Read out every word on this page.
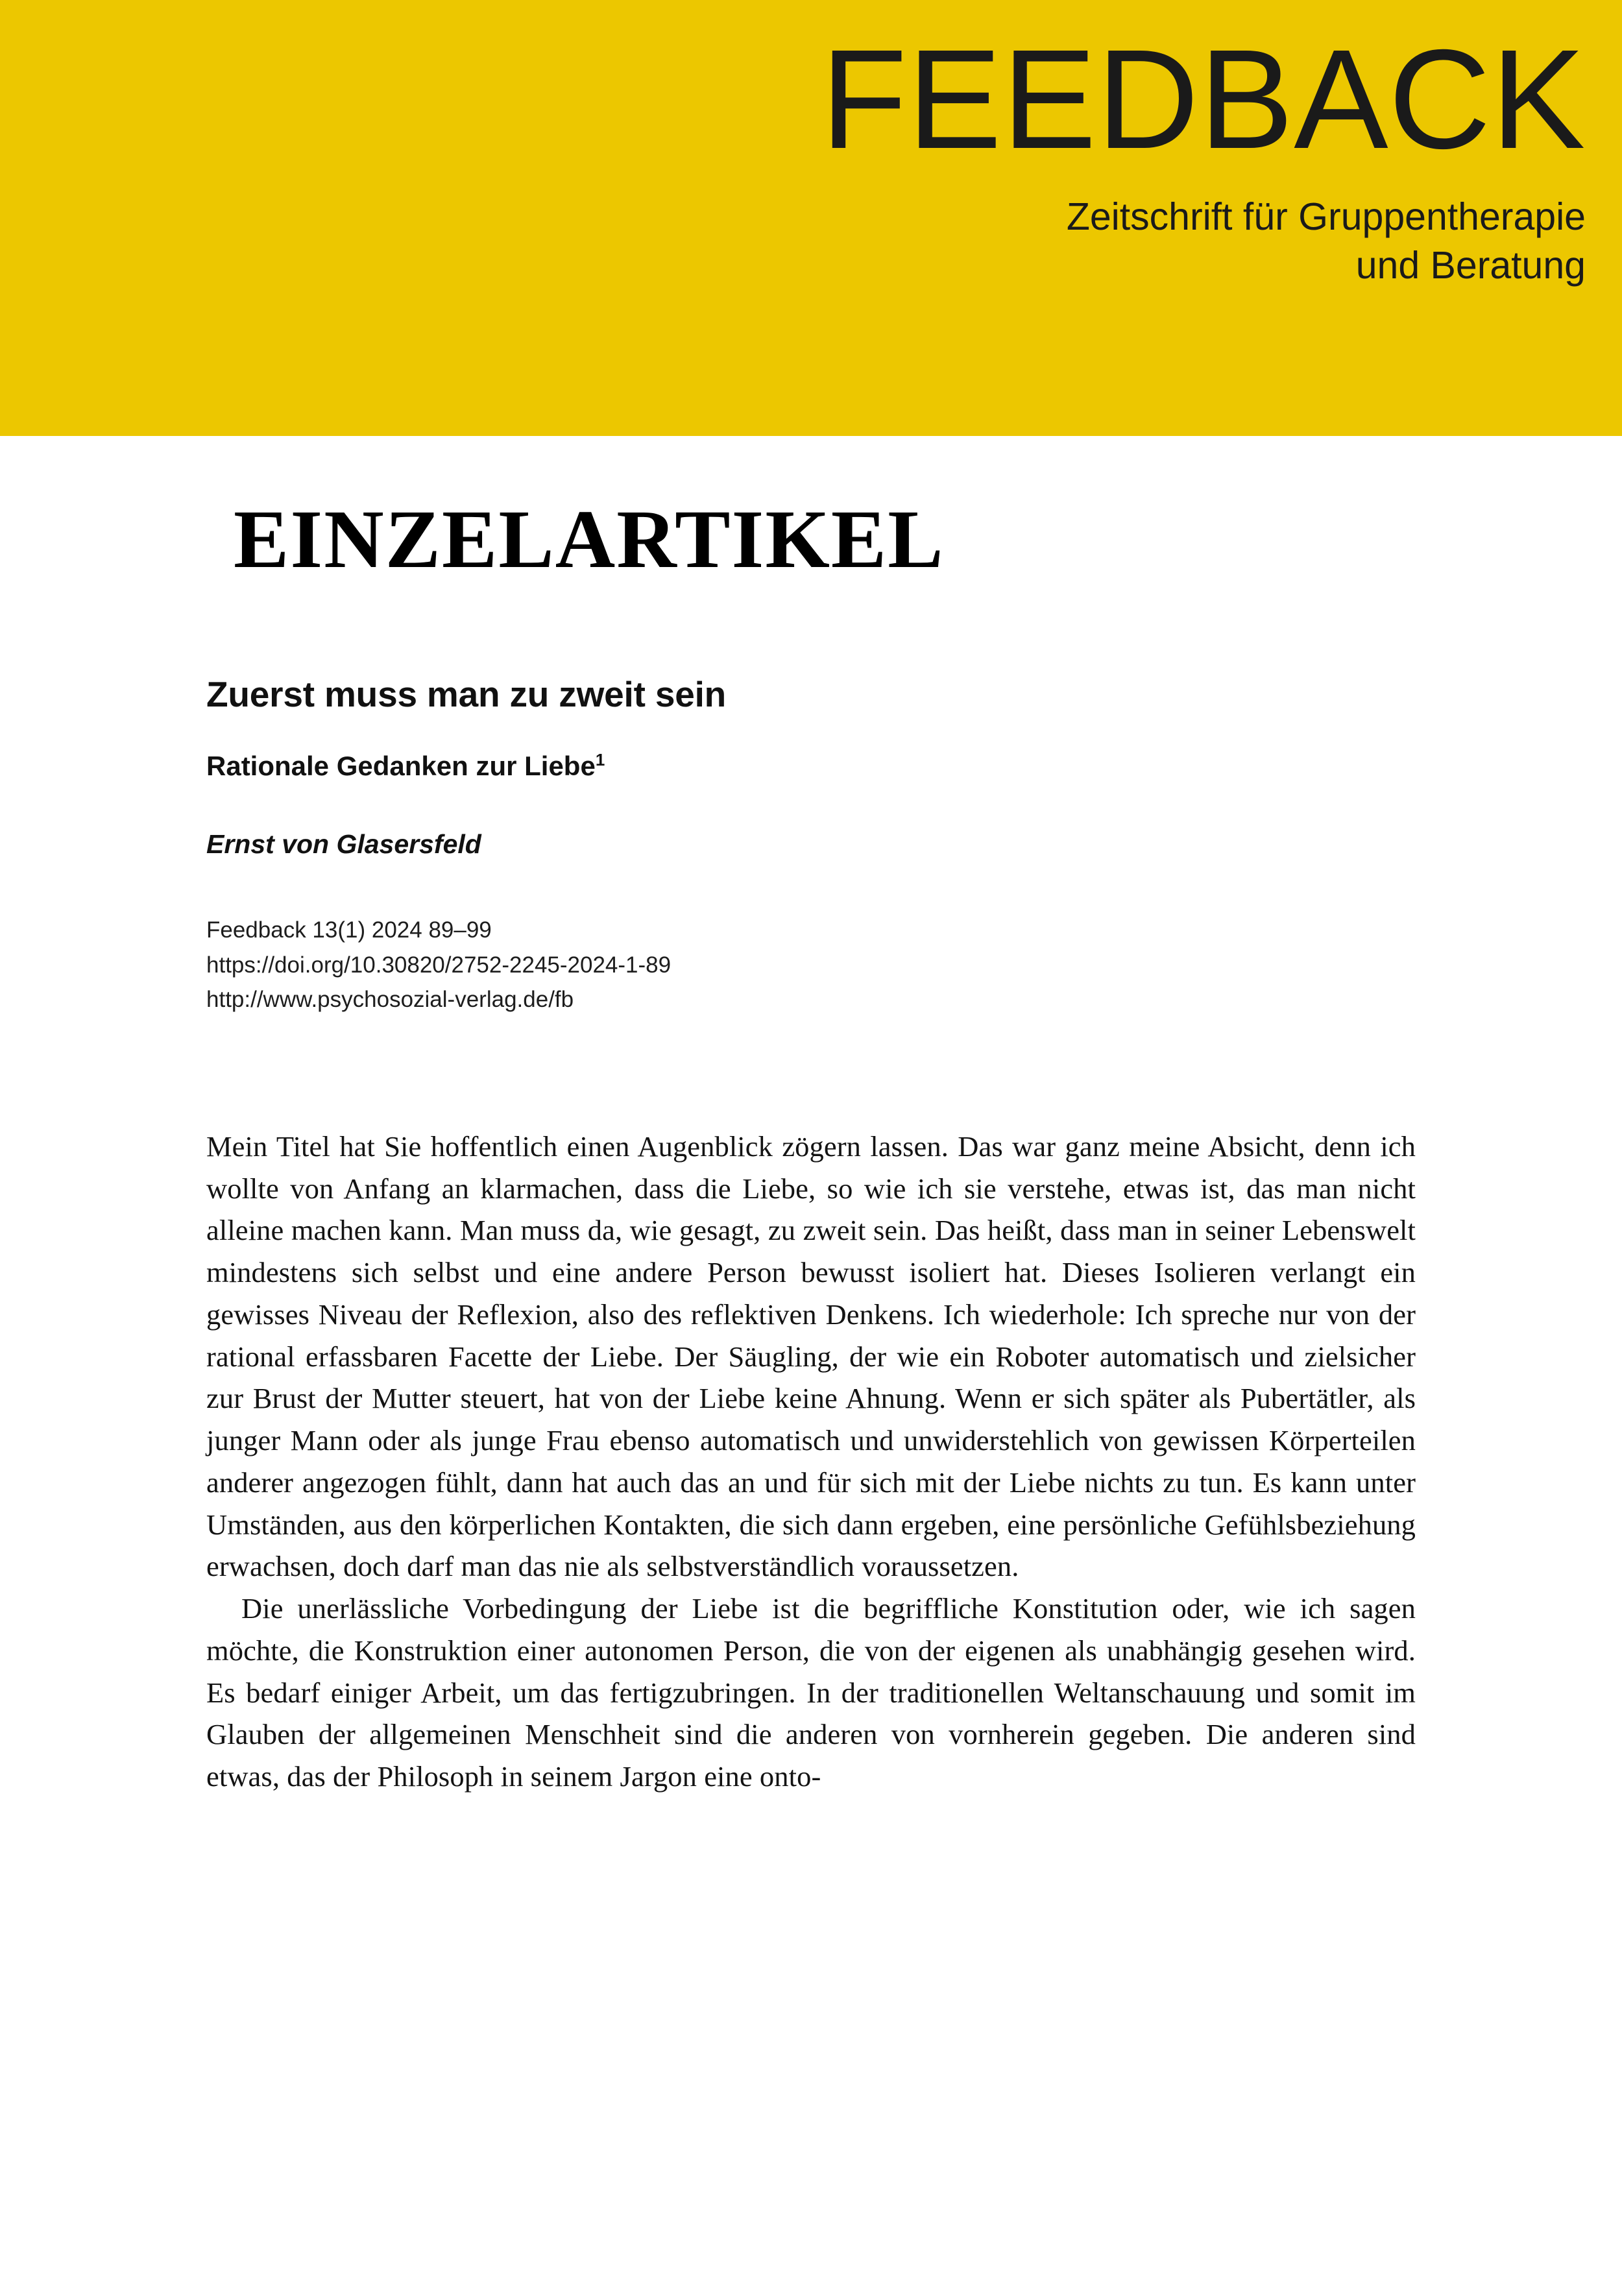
FEEDBACK
Zeitschrift für Gruppentherapie
und Beratung
EINZELARTIKEL
Zuerst muss man zu zweit sein
Rationale Gedanken zur Liebe$^1$
Ernst von Glasersfeld
Feedback 13(1) 2024 89–99
https://doi.org/10.30820/2752-2245-2024-1-89
http://www.psychosozial-verlag.de/fb

Mein Titel hat Sie hoffentlich einen Augenblick zögern lassen. Das war ganz meine Absicht, denn ich wollte von Anfang an klarmachen, dass die Liebe, so wie ich sie verstehe, etwas ist, das man nicht alleine machen kann. Man muss da, wie gesagt, zu zweit sein. Das heißt, dass man in seiner Lebenswelt mindestens sich selbst und eine andere Person bewusst isoliert hat. Dieses Isolieren verlangt ein gewisses Niveau der Reflexion, also des reflektiven Denkens. Ich wiederhole: Ich spreche nur von der rational erfassbaren Facette der Liebe. Der Säugling, der wie ein Roboter automatisch und zielsicher zur Brust der Mutter steuert, hat von der Liebe keine Ahnung. Wenn er sich später als Pubertätler, als junger Mann oder als junge Frau ebenso automatisch und unwiderstehlich von gewissen Körperteilen anderer angezogen fühlt, dann hat auch das an und für sich mit der Liebe nichts zu tun. Es kann unter Umständen, aus den körperlichen Kontakten, die sich dann ergeben, eine persönliche Gefühlsbeziehung erwachsen, doch darf man das nie als selbstverständlich voraussetzen.

Die unerlässliche Vorbedingung der Liebe ist die begriffliche Konstitution oder, wie ich sagen möchte, die Konstruktion einer autonomen Person, die von der eigenen als unabhängig gesehen wird. Es bedarf einiger Arbeit, um das fertigzubringen. In der traditionellen Weltanschauung und somit im Glauben der allgemeinen Menschheit sind die anderen von vornherein gegeben. Die anderen sind etwas, das der Philosoph in seinem Jargon eine onto-
